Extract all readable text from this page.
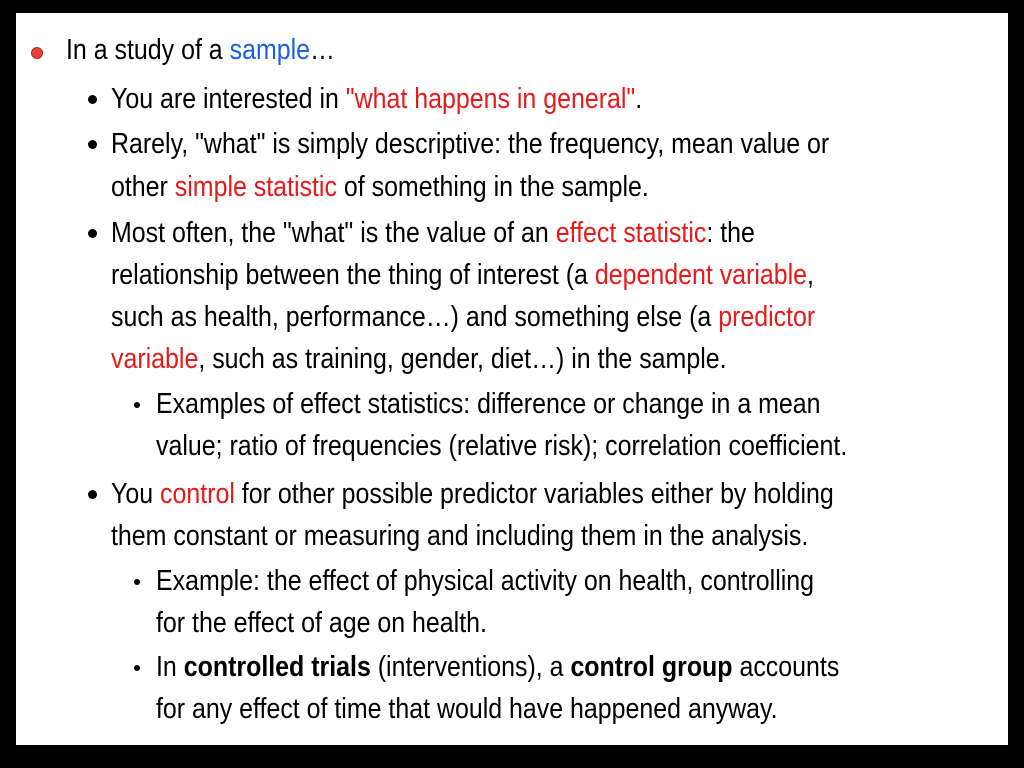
In a study of a sample…
You are interested in "what happens in general".
Rarely, "what" is simply descriptive: the frequency, mean value or
other simple statistic of something in the sample.
Most often, the "what" is the value of an effect statistic: the
relationship between the thing of interest (a dependent variable,
such as health, performance…) and something else (a predictor
variable, such as training, gender, diet…) in the sample.
Examples of effect statistics: difference or change in a mean
value; ratio of frequencies (relative risk); correlation coefficient.
You control for other possible predictor variables either by holding
them constant or measuring and including them in the analysis.
Example: the effect of physical activity on health, controlling
for the effect of age on health.
In controlled trials (interventions), a control group accounts
for any effect of time that would have happened anyway.
